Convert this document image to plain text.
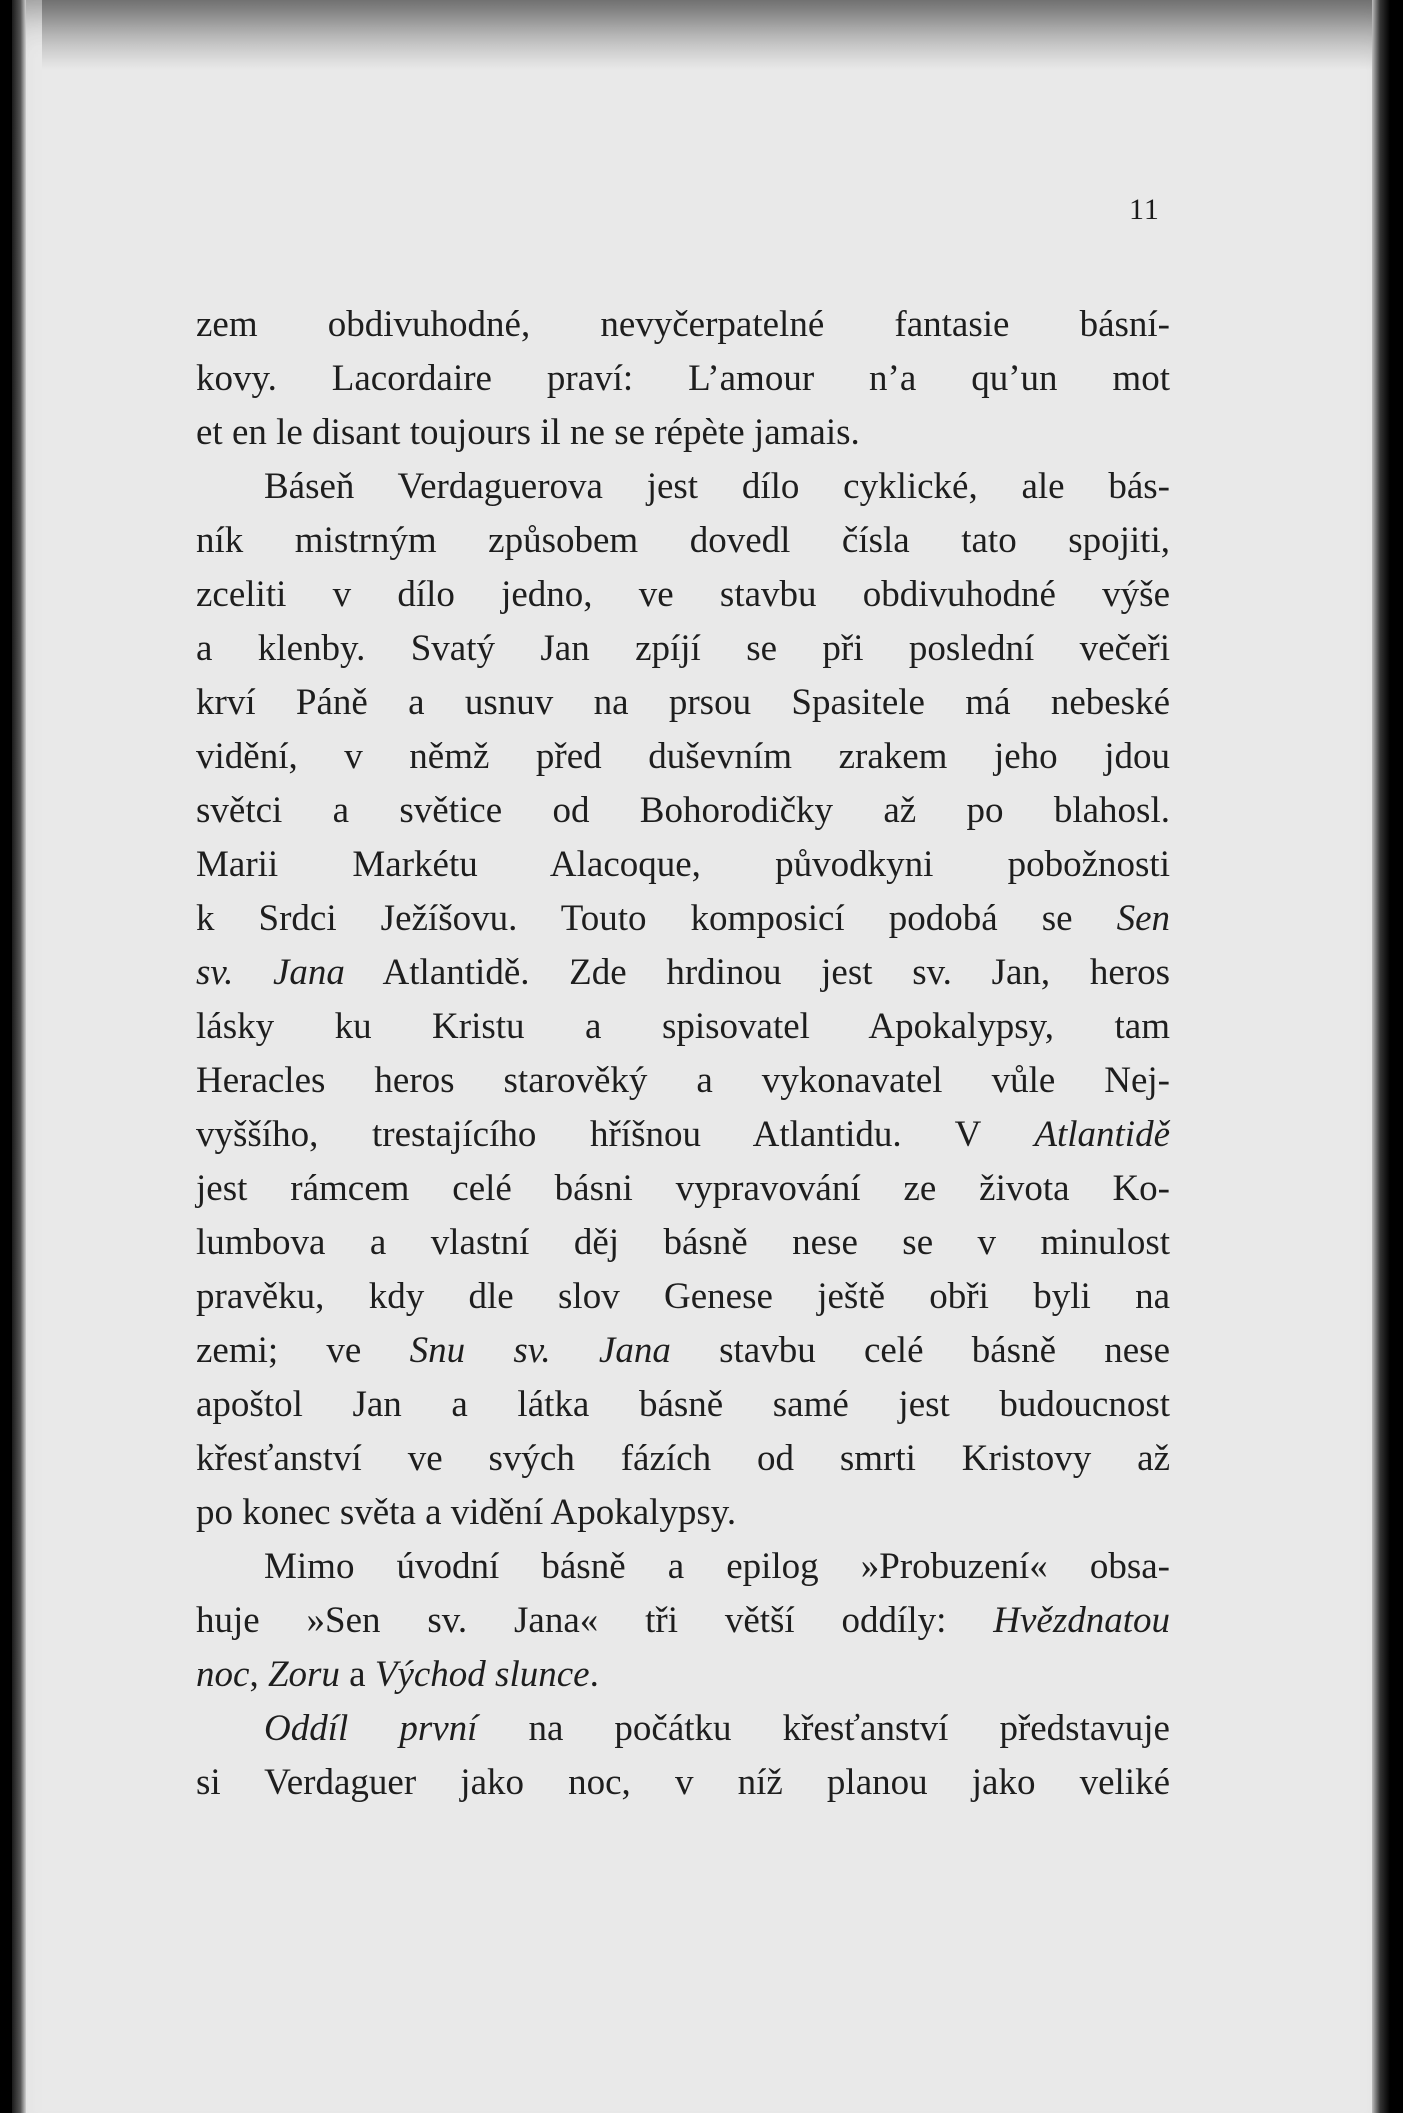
11
zem obdivuhodné, nevyčerpatelné fantasie básní-
kovy. Lacordaire praví: L’amour n’a qu’un mot
et en le disant toujours il ne se répète jamais.
Báseň Verdaguerova jest dílo cyklické, ale bás-
ník mistrným způsobem dovedl čísla tato spojiti,
zceliti v dílo jedno, ve stavbu obdivuhodné výše
a klenby. Svatý Jan zpíjí se při poslední večeři
krví Páně a usnuv na prsou Spasitele má nebeské
vidění, v němž před duševním zrakem jeho jdou
světci a světice od Bohorodičky až po blahosl.
Marii Markétu Alacoque, původkyni pobožnosti
k Srdci Ježíšovu. Touto komposicí podobá se Sen
sv. Jana Atlantidě. Zde hrdinou jest sv. Jan, heros
lásky ku Kristu a spisovatel Apokalypsy, tam
Heracles heros starověký a vykonavatel vůle Nej-
vyššího, trestajícího hříšnou Atlantidu. V Atlantidě
jest rámcem celé básni vypravování ze života Ko-
lumbova a vlastní děj básně nese se v minulost
pravěku, kdy dle slov Genese ještě obři byli na
zemi; ve Snu sv. Jana stavbu celé básně nese
apoštol Jan a látka básně samé jest budoucnost
křesťanství ve svých fázích od smrti Kristovy až
po konec světa a vidění Apokalypsy.
Mimo úvodní básně a epilog »Probuzení« obsa-
huje »Sen sv. Jana« tři větší oddíly: Hvězdnatou
noc, Zoru a Východ slunce.
Oddíl první na počátku křesťanství představuje
si Verdaguer jako noc, v níž planou jako veliké
